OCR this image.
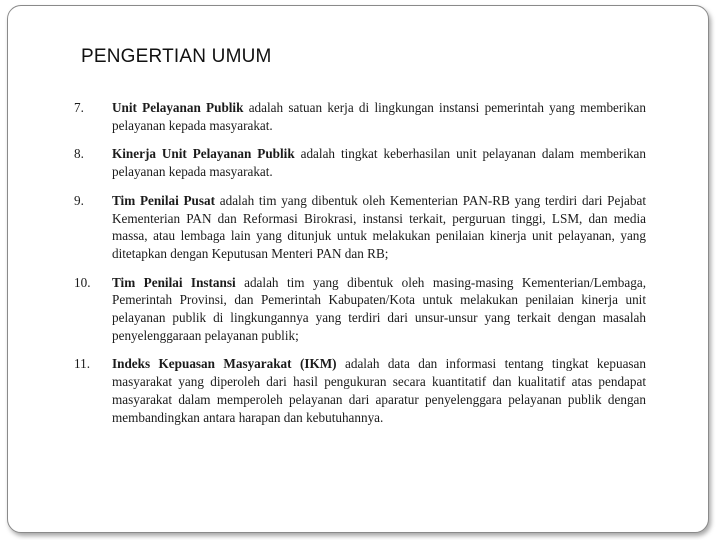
PENGERTIAN UMUM
7.	Unit Pelayanan Publik adalah satuan kerja di lingkungan instansi pemerintah yang memberikan pelayanan kepada masyarakat.
8.	Kinerja Unit Pelayanan Publik adalah tingkat keberhasilan unit pelayanan dalam memberikan pelayanan kepada masyarakat.
9.	Tim Penilai Pusat adalah tim yang dibentuk oleh Kementerian PAN-RB yang terdiri dari Pejabat Kementerian PAN dan Reformasi Birokrasi, instansi terkait, perguruan tinggi, LSM, dan media massa, atau lembaga lain yang ditunjuk untuk melakukan penilaian kinerja unit pelayanan, yang ditetapkan dengan Keputusan Menteri PAN dan RB;
10.	Tim Penilai Instansi adalah tim yang dibentuk oleh masing-masing Kementerian/Lembaga, Pemerintah Provinsi, dan Pemerintah Kabupaten/Kota untuk melakukan penilaian kinerja unit pelayanan publik di lingkungannya yang terdiri dari unsur-unsur yang terkait dengan masalah penyelenggaraan pelayanan publik;
11.	Indeks Kepuasan Masyarakat (IKM) adalah data dan informasi tentang tingkat kepuasan masyarakat yang diperoleh dari hasil pengukuran secara kuantitatif dan kualitatif atas pendapat masyarakat dalam memperoleh pelayanan dari aparatur penyelenggara pelayanan publik dengan membandingkan antara harapan dan kebutuhannya.
